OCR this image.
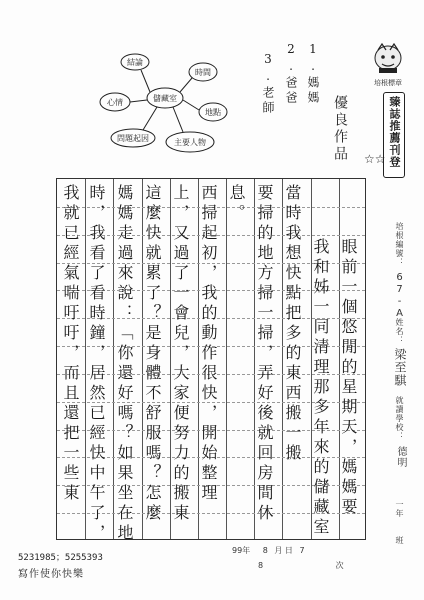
培根標章
臻誌推薦刊登
☆☆
優良作品
1.媽媽
2.爸爸
3.老師
儲藏室
結論
時間
心情
地點
問題起因	主要人物
眼前一個悠閒的星期天，媽媽要
我和姊一同清理那多年來的儲藏室
當時我想快點把多的東西搬一搬
要掃的地方掃一掃，弄好後就回房間休
息。
西掃起初，我的動作很快，開始整理
上，又過了一會兒，大家便努力的搬東
這麼快就累了？是身體不舒服嗎？怎麼
媽媽走過來說：「你還好嗎？如果坐在地
時，我看了看時鐘，居然已經快中午了，
我就已經氣喘吁吁，而且還把一些東	培根編號：
67-A
姓名：
梁至騏
就讀學校：
德明
一年
班
99年 8 月 日 7
8	次
5231985；5255393
寫作使你快樂
